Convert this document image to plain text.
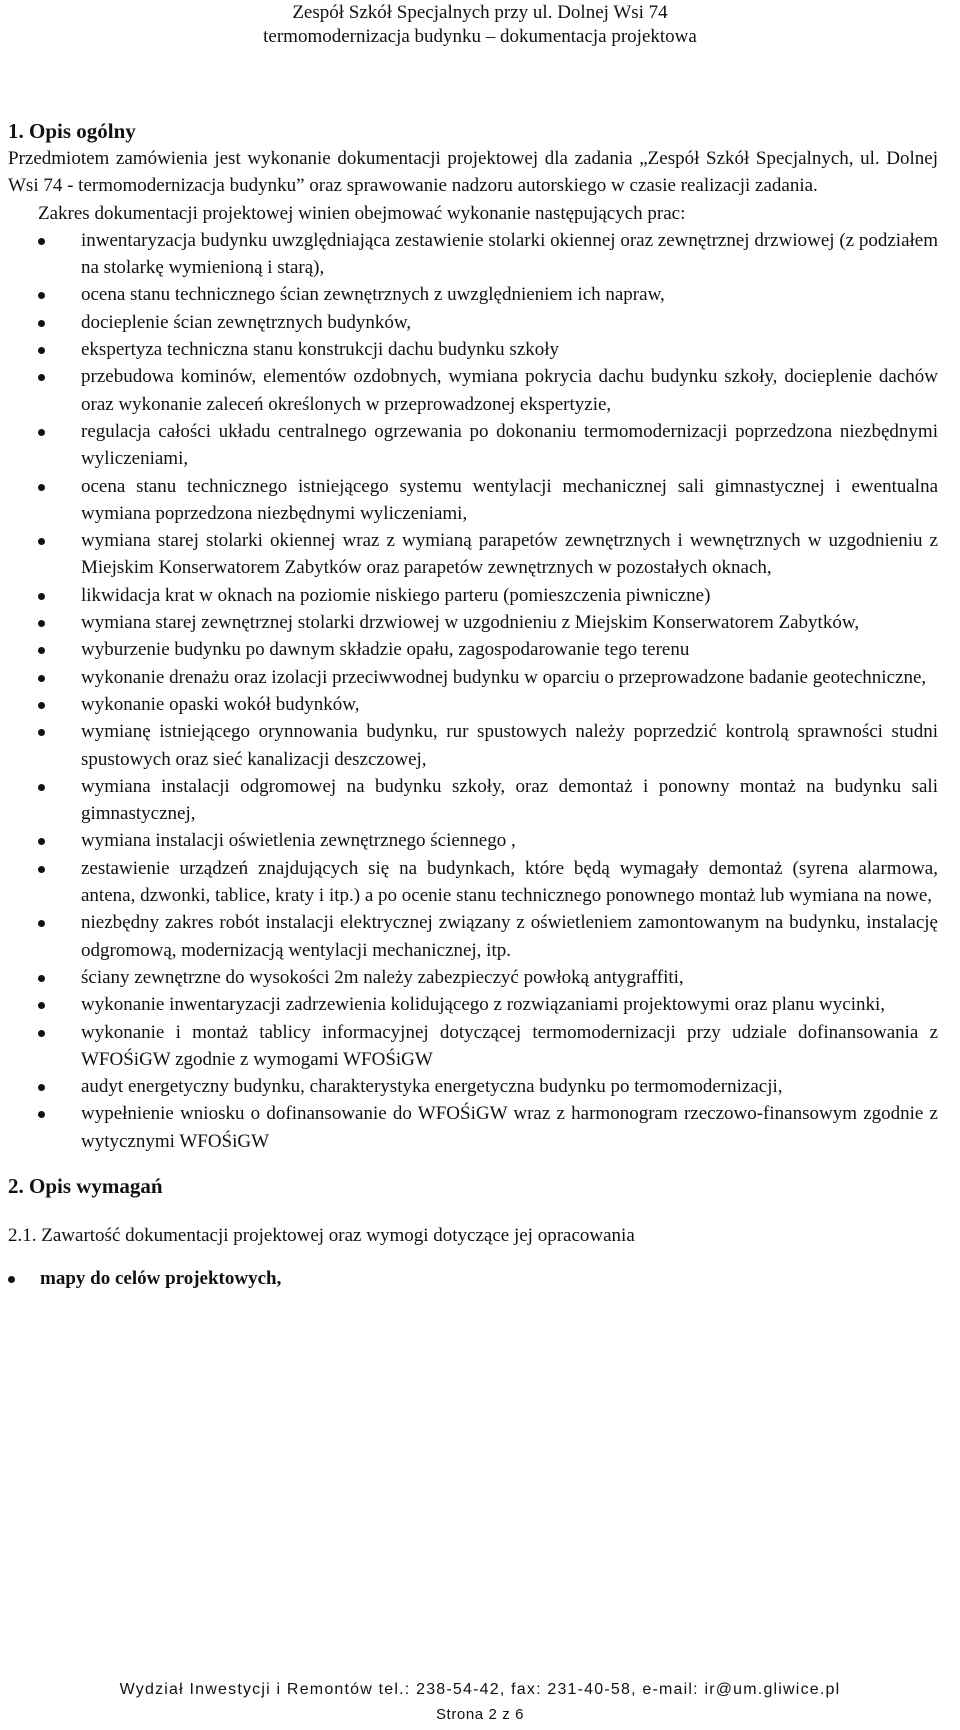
Zespół Szkół Specjalnych przy ul. Dolnej Wsi 74
termomodernizacja budynku – dokumentacja projektowa
1. Opis ogólny

Przedmiotem zamówienia jest wykonanie dokumentacji projektowej dla zadania „Zespół Szkół Specjalnych, ul. Dolnej Wsi 74 - termomodernizacja budynku” oraz sprawowanie nadzoru autorskiego w czasie realizacji zadania.

Zakres dokumentacji projektowej winien obejmować wykonanie następujących prac:

inwentaryzacja budynku uwzględniająca zestawienie stolarki okiennej oraz zewnętrznej drzwiowej (z podziałem na stolarkę wymienioną i starą),
ocena stanu technicznego ścian zewnętrznych z uwzględnieniem ich napraw,
docieplenie ścian zewnętrznych budynków,
ekspertyza techniczna stanu konstrukcji dachu budynku szkoły
przebudowa kominów, elementów ozdobnych, wymiana pokrycia dachu budynku szkoły, docieplenie dachów oraz wykonanie zaleceń określonych w przeprowadzonej ekspertyzie,
regulacja całości układu centralnego ogrzewania po dokonaniu termomodernizacji poprzedzona niezbędnymi wyliczeniami,
ocena stanu technicznego istniejącego systemu wentylacji mechanicznej sali gimnastycznej i ewentualna wymiana poprzedzona niezbędnymi wyliczeniami,
wymiana starej stolarki okiennej wraz z wymianą parapetów zewnętrznych i wewnętrznych w uzgodnieniu z Miejskim Konserwatorem Zabytków oraz parapetów zewnętrznych w pozostałych oknach,
likwidacja krat w oknach na poziomie niskiego parteru (pomieszczenia piwniczne)
wymiana starej zewnętrznej stolarki drzwiowej w uzgodnieniu z Miejskim Konserwatorem Zabytków,
wyburzenie budynku po dawnym składzie opału, zagospodarowanie tego terenu
wykonanie drenażu oraz izolacji przeciwwodnej budynku w oparciu o przeprowadzone badanie geotechniczne,
wykonanie opaski wokół budynków,
wymianę istniejącego orynnowania budynku, rur spustowych należy poprzedzić kontrolą sprawności studni spustowych oraz sieć kanalizacji deszczowej,
wymiana instalacji odgromowej na budynku szkoły, oraz demontaż i ponowny montaż na budynku sali gimnastycznej,
wymiana instalacji oświetlenia zewnętrznego ściennego ,
zestawienie urządzeń znajdujących się na budynkach, które będą wymagały demontaż (syrena alarmowa, antena, dzwonki, tablice, kraty i itp.) a po ocenie stanu technicznego ponownego montaż lub wymiana na nowe,
niezbędny zakres robót instalacji elektrycznej związany z oświetleniem zamontowanym na budynku, instalację odgromową, modernizacją wentylacji mechanicznej, itp.
ściany zewnętrzne do wysokości 2m należy zabezpieczyć powłoką antygraffiti,
wykonanie inwentaryzacji zadrzewienia kolidującego z rozwiązaniami projektowymi oraz planu wycinki,
wykonanie i montaż tablicy informacyjnej dotyczącej termomodernizacji przy udziale dofinansowania z WFOŚiGW zgodnie z wymogami WFOŚiGW
audyt energetyczny budynku, charakterystyka energetyczna budynku po termomodernizacji,
wypełnienie wniosku o dofinansowanie do WFOŚiGW wraz z harmonogram rzeczowo-finansowym zgodnie z wytycznymi WFOŚiGW
2. Opis wymagań

2.1. Zawartość dokumentacji projektowej oraz wymogi dotyczące jej opracowania

mapy do celów projektowych,
Wydział Inwestycji i Remontów tel.: 238-54-42, fax: 231-40-58, e-mail: ir@um.gliwice.pl
Strona 2 z 6
